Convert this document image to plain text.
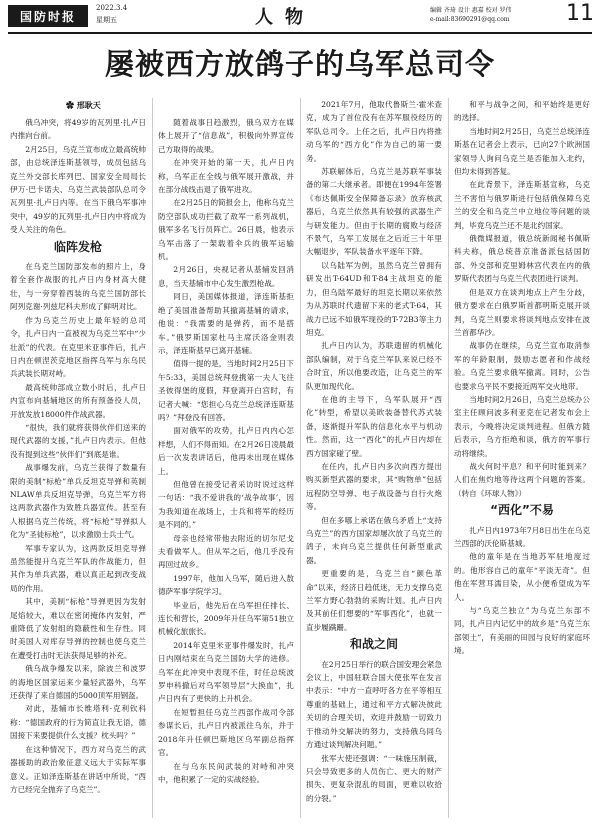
国防时报
2022.3.4
星期五	人物	编辑 齐琦 设计 惠嘉 校对 罗伟
e-mail:83690291@qq.com	11
屡被西方放鸽子的乌军总司令
✿ 邢耿天

俄乌冲突，将49岁的瓦列里·扎卢日内推向台前。

2月25日，乌克兰宣布成立最高统帅部，由总统泽连斯基领导，成员包括乌克兰外交部长库列巴、国家安全局局长伊万·巴卡诺夫、乌克兰武装部队总司令瓦列里·扎卢日内等。在当下俄乌军事冲突中，49岁的瓦列里·扎卢日内中将成为受人关注的角色。

临阵发枪

在乌克兰国防部发布的照片上，身着全套作战服的扎卢日内身材高大健壮，与一旁穿着西装的乌克兰国防部长阿列克谢·列兹尼科夫形成了鲜明对比。

作为乌克兰历史上最年轻的总司令，扎卢日内一直被视为乌克兰军中“少壮派”的代表。在克里米亚事件后，扎卢日内在顿涅茨克地区指挥乌军与东乌民兵武装长期对峙。

最高统帅部成立数小时后，扎卢日内宣布向基辅地区的所有预备役人员，开放发放18000件作战武器。

“很快，我们就将获得伙伴们送来的现代武器的支援，”扎卢日内表示。但他没有提到这些“伙伴们”到底是谁。

战事爆发前，乌克兰获得了数量有限的美制“标枪”单兵反坦克导弹和英制NLAW单兵反坦克导弹，乌克兰军方将这两款武器作为致胜兵器宣传。甚至有人根据乌克兰传统，将“标枪”导弹拟人化为“圣徒标枪”，以求激励士兵士气。

军事专家认为，这两款反坦克导弹虽然能提升乌克兰军队的作战能力，但其作为单兵武器，难以真正起到改变战局的作用。

其中，美制“标枪”导弹更因为发射尾焰较大，难以在密闭掩体内发射，严重降低了发射组的隐蔽性和生存性。同时美国人对库存导弹的控制也使乌克兰在遭受打击时无法获得足够的补充。

俄乌战争爆发以来，除波兰和波罗的海地区国家运来少量轻武器外，乌军还获得了来自德国的5000顶军用钢盔。

对此，基辅市长维塔利·克利钦科称：“德国政府的行为简直让我无语，德国接下来要提供什么支援？枕头吗？”

在这种情况下，西方对乌克兰的武器援助的政治象征意义远大于实际军事意义。正如泽连斯基在讲话中所说，“西方已经完全抛弃了乌克兰”。

随着战事日趋激烈，俄乌双方在媒体上展开了“信息战”，积极向外界宣传己方取得的战果。

在冲突开始的第一天，扎卢日内称，乌军正在全线与俄军展开激战，并在部分战线击退了俄军进攻。

在2月25日的简报会上，他称乌克兰防空部队成功拦截了敌军一系列战机，俄军多名飞行员阵亡。26日晨，他表示乌军击落了一架载着伞兵的俄军运输机。

2月26日，央视记者从基辅发回消息，当天基辅市中心发生激烈枪战。

同日，美国媒体报道，泽连斯基拒绝了美国准备帮助其撤离基辅的请求，他说：“我需要的是弹药，而不是搭车。”俄罗斯国家杜马主席沃洛金则表示，泽连斯基早已离开基辅。

值得一提的是，当地时间2月25日下午5:33，美国总统拜登携第一夫人飞往圣彼得堡的度假，拜登离开白宫时，有记者大喊：“您担心乌克兰总统泽连斯基吗？”拜登没有回答。

面对俄军的攻势，扎卢日内内心怎样想，人们不得而知。在2月26日凌晨最后一次发表讲话后，他再未出现在媒体上。

但他曾在接受记者采访时说过这样一句话：“我不爱讲我的‘战争故事’，因为我知道在战场上，士兵和将军的经历是不同的。”

母亲也经常带他去附近的切尔尼戈夫看做军人。但从军之后，他几乎没有再回过故乡。

1997年，他加入乌军，随后进入敖德萨军事学院学习。

毕业后，他先后在乌军担任排长、连长和营长，2009年升任乌军第51独立机械化旅旅长。

2014年克里米亚事件爆发时，扎卢日内刚结束在乌克兰国防大学的进修。乌军在此冲突中表现不佳，时任总统波罗申科撤后对乌军领导层“大换血”，扎卢日内有了更快的上升机会。

在短暂担任乌克兰西部作战司令部参谋长后，扎卢日内被派往乌东，并于2018年升任顿巴斯地区乌军副总指挥官。

在与乌东民间武装的对峙和冲突中，他积累了一定的实战经验。

2021年7月，他取代鲁斯兰·霍米查克，成为了首位没有在苏军服役经历的军队总司令。上任之后，扎卢日内将推动乌军的“西方化”作为自己的第一要务。

苏联解体后，乌克兰是苏联军事装备的第二大继承者。即便在1994年签署《布达佩斯安全保障备忘录》放弃核武器后，乌克兰依然具有较强的武器生产与研发能力。但由于长期的腐败与经济不景气，乌军工发展在之后近三十年里大幅退步，军队装备水平逐年下降。

以乌陆军为例，虽然乌克兰曾拥有研发出T-64UD和T-84主战坦克的能力，但乌陆军最好的坦克长期以来依然为从苏联时代遗留下来的老式T-64，其战力已远不如俄军现役的T-72B3等主力坦克。

扎卢日内认为，苏联遗留的机械化部队编制，对于乌克兰军队来说已经不合时宜，所以他要改造，让乌克兰的军队更加现代化。

在他的主导下，乌军队展开“西化”转型，希望以美欧装备替代苏式装备，逐渐提升军队的信息化水平与机动性。然而，这一“西化”的扎卢日内却在西方国家碰了壁。

在任内，扎卢日内多次向西方提出购买新型武器的要求，其“购物单”包括远程防空导弹、电子战设备与自行火炮等。

但在多哪上承诺在俄乌矛盾上“支持乌克兰”的西方国家却屡次放了乌克兰的鸽子，未向乌克兰提供任何新型重武器。

更重要的是，乌克兰自“颜色革命”以来，经济日趋低迷，无力支撑乌克兰军方野心勃勃的采购计划。扎卢日内及其前任们想要的“军事西化”，也就一直步履蹒跚。

和战之间

在2月25日举行的联合国安理会紧急会议上，中国驻联合国大使张军在发言中表示：“中方一直呼吁各方在平等相互尊重的基础上，通过和平方式解决彼此关切的合理关切，欢迎并鼓励一切致力于推动外交解决的努力，支持俄乌同乌方通过谈判解决问题。”

张军大使还强调：“一味施压制裁，只会导致更多的人员伤亡、更大的财产损失、更复杂混乱的局面，更难以收拾的分裂。”

和平与战争之间，和平始终是更好的选择。

当地时间2月25日，乌克兰总统泽连斯基在记者会上表示，已向27个欧洲国家领导人询问乌克兰是否能加入北约，但均未得到答复。

在此背景下，泽连斯基宣称，乌克兰不害怕与俄罗斯进行包括俄保障乌克兰的安全和乌克兰中立地位等问题的谈判，毕竟乌克兰还不是北约国家。

俄微媒报道，俄总统新闻秘书佩斯科夫称，俄总统普京准备派包括国防部、外交部和克里姆林宫代表在内的俄罗斯代表团与乌克兰代表团进行谈判。

但是双方在谈判地点上产生分歧，俄方要求在白俄罗斯首都明斯克展开谈判，乌克兰则要求将谈判地点安排在波兰首都华沙。

战事仍在继续，乌克兰宣布取消参军的年龄限制，鼓励志愿者和作战经验。乌克兰要求俄军撤离。同时，公告也要求乌平民不要接近两军交火地带。

当地时间2月26日，乌克兰总统办公室主任顾问波多利亚克在记者发布会上表示，今晚将决定谈判进程。但俄方随后表示，乌方拒绝和谈，俄方的军事行动将继续。

战火何时平息？和平何时能到来？人们在焦灼地等待这两个问题的答案。（转自《环球人物》）

“西化”不易

扎卢日内1973年7月8日出生在乌克兰西部的沃伦斯基城。

他的童年是在当地苏军驻地度过的。他形容自己的童年“平淡无奇”。但他在军营耳濡目染，从小便希望成为军人。

与“乌克兰独立”为乌克兰东部不同，扎卢日内记忆中的故乡是“乌克兰东部领土”，有美丽的田园与良好的家庭环境。
